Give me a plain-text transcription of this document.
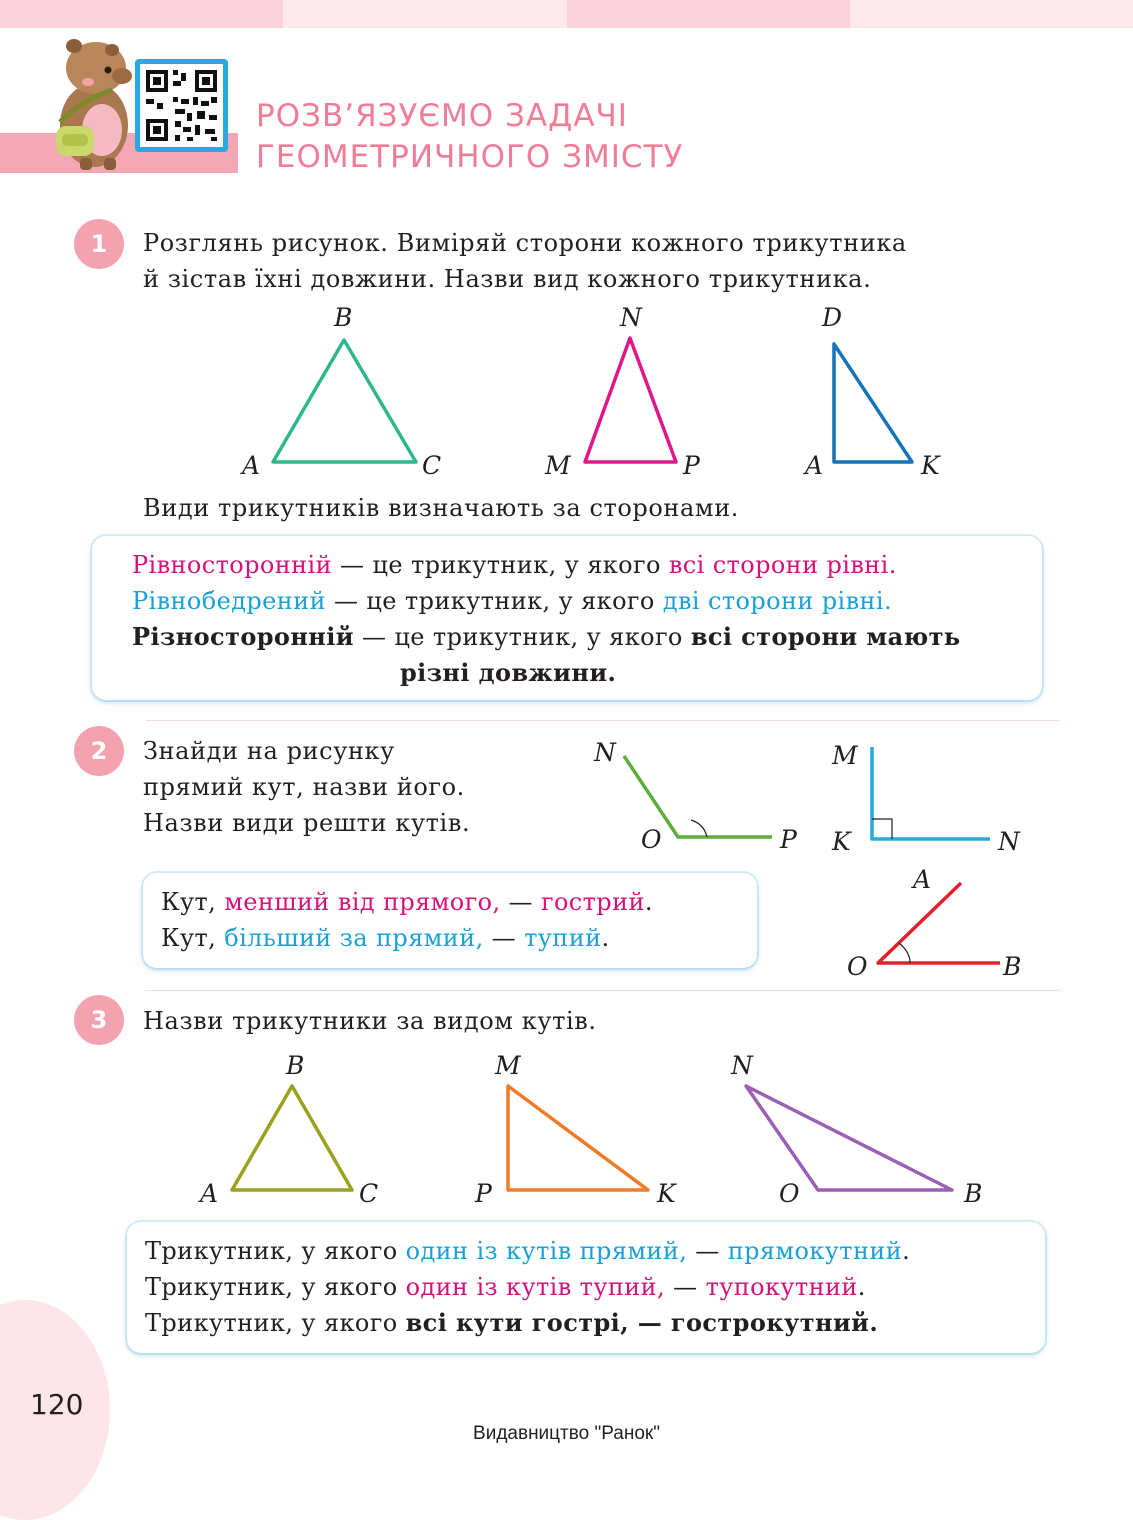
РОЗВ’ЯЗУЄМО ЗАДАЧІ
ГЕОМЕТРИЧНОГО ЗМІСТУ
1	Розглянь рисунок. Виміряй сторони кожного трикутника
й зістав їхні довжини. Назви вид кожного трикутника.
B
A	C
N
M	P
D
A	K
Види трикутників визначають за сторонами.
Рівносторонній — це трикутник, у якого всі сторони рівні.
Рівнобедрений — це трикутник, у якого дві сторони рівні.
Різносторонній — це трикутник, у якого всі сторони мають
різні довжини.
2	Знайди на рисунку
прямий кут, назви його.
Назви види решти кутів.
N
O	P
M
K	N
A
O	B
Кут, менший від прямого, — гострий.
Кут, більший за прямий, — тупий.
3	Назви трикутники за видом кутів.
B
A	C
M
P	K
N
O	B
Трикутник, у якого один із кутів прямий, — прямокутний.
Трикутник, у якого один із кутів тупий, — тупокутний.
Трикутник, у якого всі кути гострі, — гострокутний.
120
Видавництво "Ранок"
